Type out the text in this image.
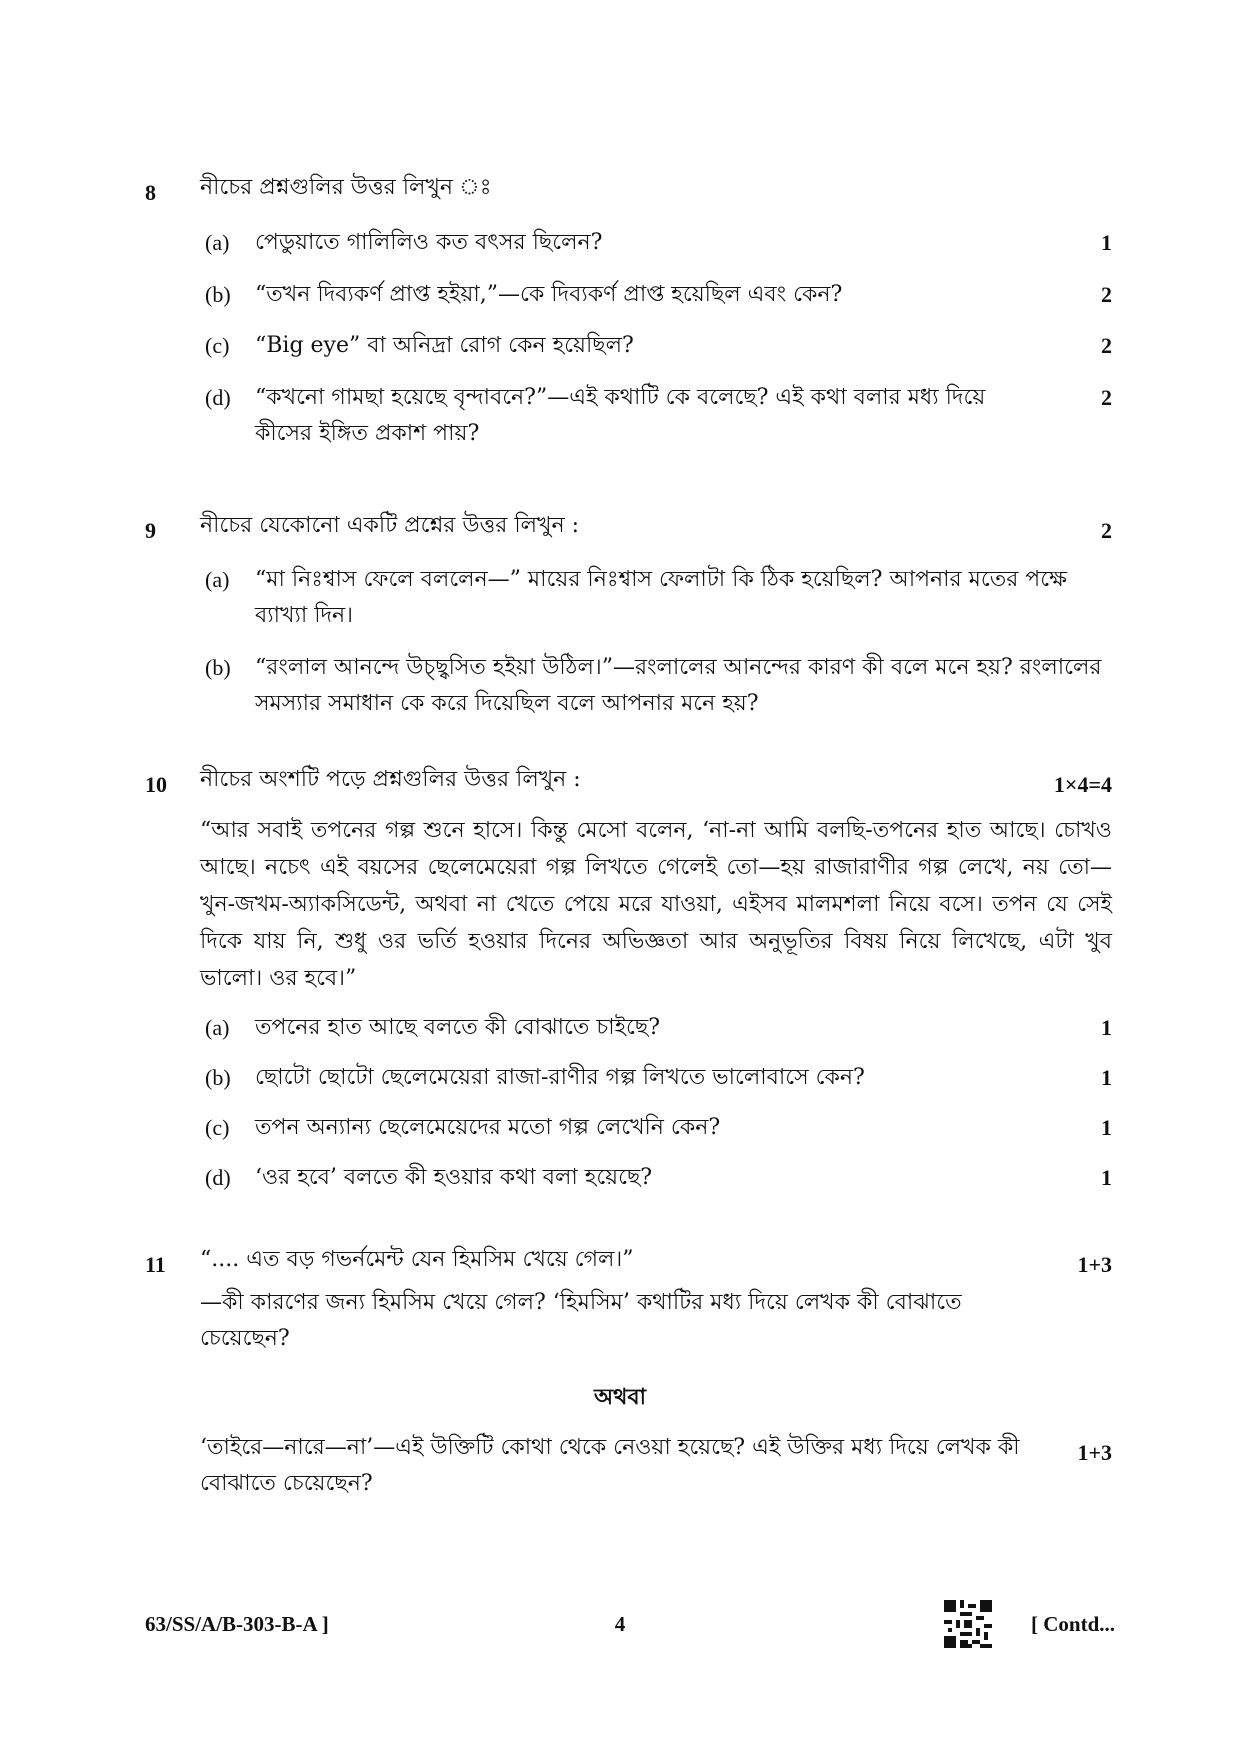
8 নীচের প্রশ্নগুলির উত্তর লিখুন ঃ
(a) পেডুয়াতে গালিলিও কত বৎসর ছিলেন?	1
(b) “তখন দিব্যকর্ণ প্রাপ্ত হইয়া,”—কে দিব্যকর্ণ প্রাপ্ত হয়েছিল এবং কেন?	2
(c) “Big eye” বা অনিদ্রা রোগ কেন হয়েছিল?	2
(d) “কখনো গামছা হয়েছে বৃন্দাবনে?”—এই কথাটি কে বলেছে? এই কথা বলার মধ্য দিয়ে কীসের ইঙ্গিত প্রকাশ পায়?
2
9 নীচের যেকোনো একটি প্রশ্নের উত্তর লিখুন :	2
(a) “মা নিঃশ্বাস ফেলে বললেন—” মায়ের নিঃশ্বাস ফেলাটা কি ঠিক হয়েছিল? আপনার মতের পক্ষে ব্যাখ্যা দিন।
(b) “রংলাল আনন্দে উচ্ছ্বসিত হইয়া উঠিল।”—রংলালের আনন্দের কারণ কী বলে মনে হয়? রংলালের সমস্যার সমাধান কে করে দিয়েছিল বলে আপনার মনে হয়?
10 নীচের অংশটি পড়ে প্রশ্নগুলির উত্তর লিখুন :	1×4=4
“আর সবাই তপনের গল্প শুনে হাসে। কিন্তু মেসো বলেন, ‘না-না আমি বলছি-তপনের হাত আছে। চোখও আছে। নচেৎ এই বয়সের ছেলেমেয়েরা গল্প লিখতে গেলেই তো—হয় রাজারাণীর গল্প লেখে, নয় তো—খুন-জখম-অ্যাকসিডেন্ট, অথবা না খেতে পেয়ে মরে যাওয়া, এইসব মালমশলা নিয়ে বসে। তপন যে সেই দিকে যায় নি, শুধু ওর ভর্তি হওয়ার দিনের অভিজ্ঞতা আর অনুভূতির বিষয় নিয়ে লিখেছে, এটা খুব ভালো। ওর হবে।”
(a) তপনের হাত আছে বলতে কী বোঝাতে চাইছে?	1
(b) ছোটো ছোটো ছেলেমেয়েরা রাজা-রাণীর গল্প লিখতে ভালোবাসে কেন?	1
(c) তপন অন্যান্য ছেলেমেয়েদের মতো গল্প লেখেনি কেন?	1
(d) ‘ওর হবে’ বলতে কী হওয়ার কথা বলা হয়েছে?	1
11 “.... এত বড় গভর্নমেন্ট যেন হিমসিম খেয়ে গেল।”	1+3
—কী কারণের জন্য হিমসিম খেয়ে গেল? ‘হিমসিম’ কথাটির মধ্য দিয়ে লেখক কী বোঝাতে চেয়েছেন?
অথবা
‘তাইরে—নারে—না’—এই উক্তিটি কোথা থেকে নেওয়া হয়েছে? এই উক্তির মধ্য দিয়ে লেখক কী বোঝাতে চেয়েছেন?
1+3
63/SS/A/B-303-B-A ]	4	[ Contd...
